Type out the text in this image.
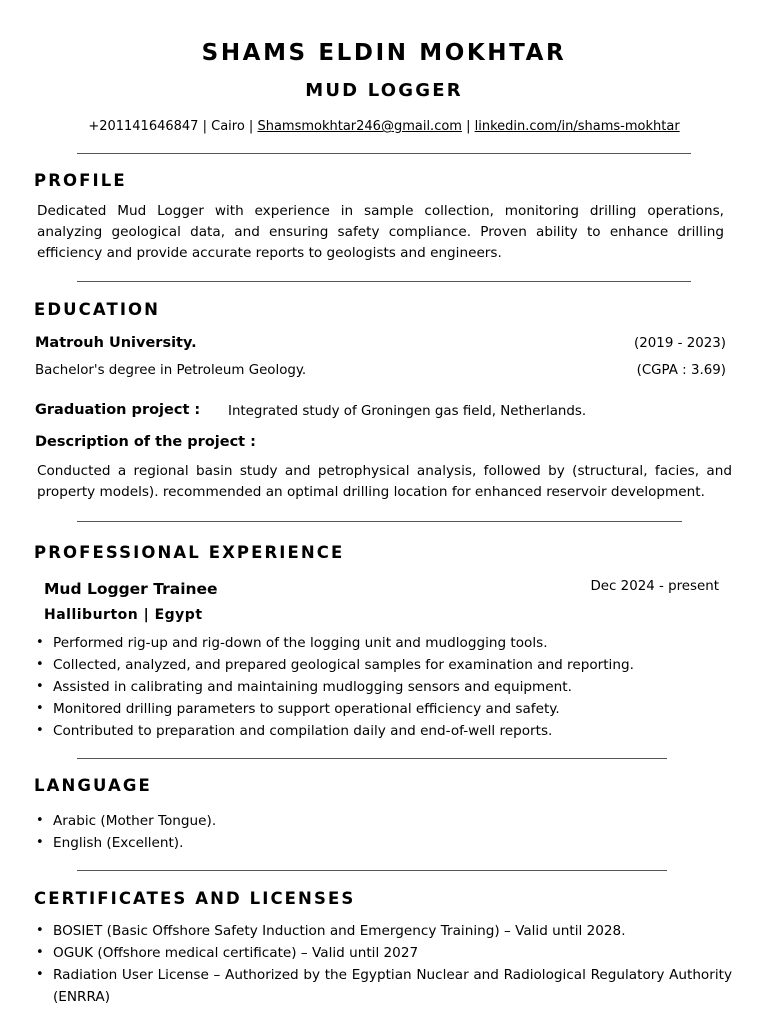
SHAMS ELDIN MOKHTAR
MUD LOGGER
+201141646847 | Cairo | Shamsmokhtar246@gmail.com | linkedin.com/in/shams-mokhtar
PROFILE
Dedicated Mud Logger with experience in sample collection, monitoring drilling operations, analyzing geological data, and ensuring safety compliance. Proven ability to enhance drilling efficiency and provide accurate reports to geologists and engineers.
EDUCATION
Matrouh University.	(2019 - 2023)
Bachelor's degree in Petroleum Geology.	(CGPA : 3.69)
Graduation project : Integrated study of Groningen gas field, Netherlands.
Description of the project :
Conducted a regional basin study and petrophysical analysis, followed by (structural, facies, and property models). recommended an optimal drilling location for enhanced reservoir development.
PROFESSIONAL EXPERIENCE
Mud Logger Trainee	Dec 2024 - present
Halliburton | Egypt
• Performed rig-up and rig-down of the logging unit and mudlogging tools.
• Collected, analyzed, and prepared geological samples for examination and reporting.
• Assisted in calibrating and maintaining mudlogging sensors and equipment.
• Monitored drilling parameters to support operational efficiency and safety.
• Contributed to preparation and compilation daily and end-of-well reports.
LANGUAGE
• Arabic (Mother Tongue).
• English (Excellent).
CERTIFICATES AND LICENSES
• BOSIET (Basic Offshore Safety Induction and Emergency Training) – Valid until 2028.
• OGUK (Offshore medical certificate) – Valid until 2027
• Radiation User License – Authorized by the Egyptian Nuclear and Radiological Regulatory Authority (ENRRA)
